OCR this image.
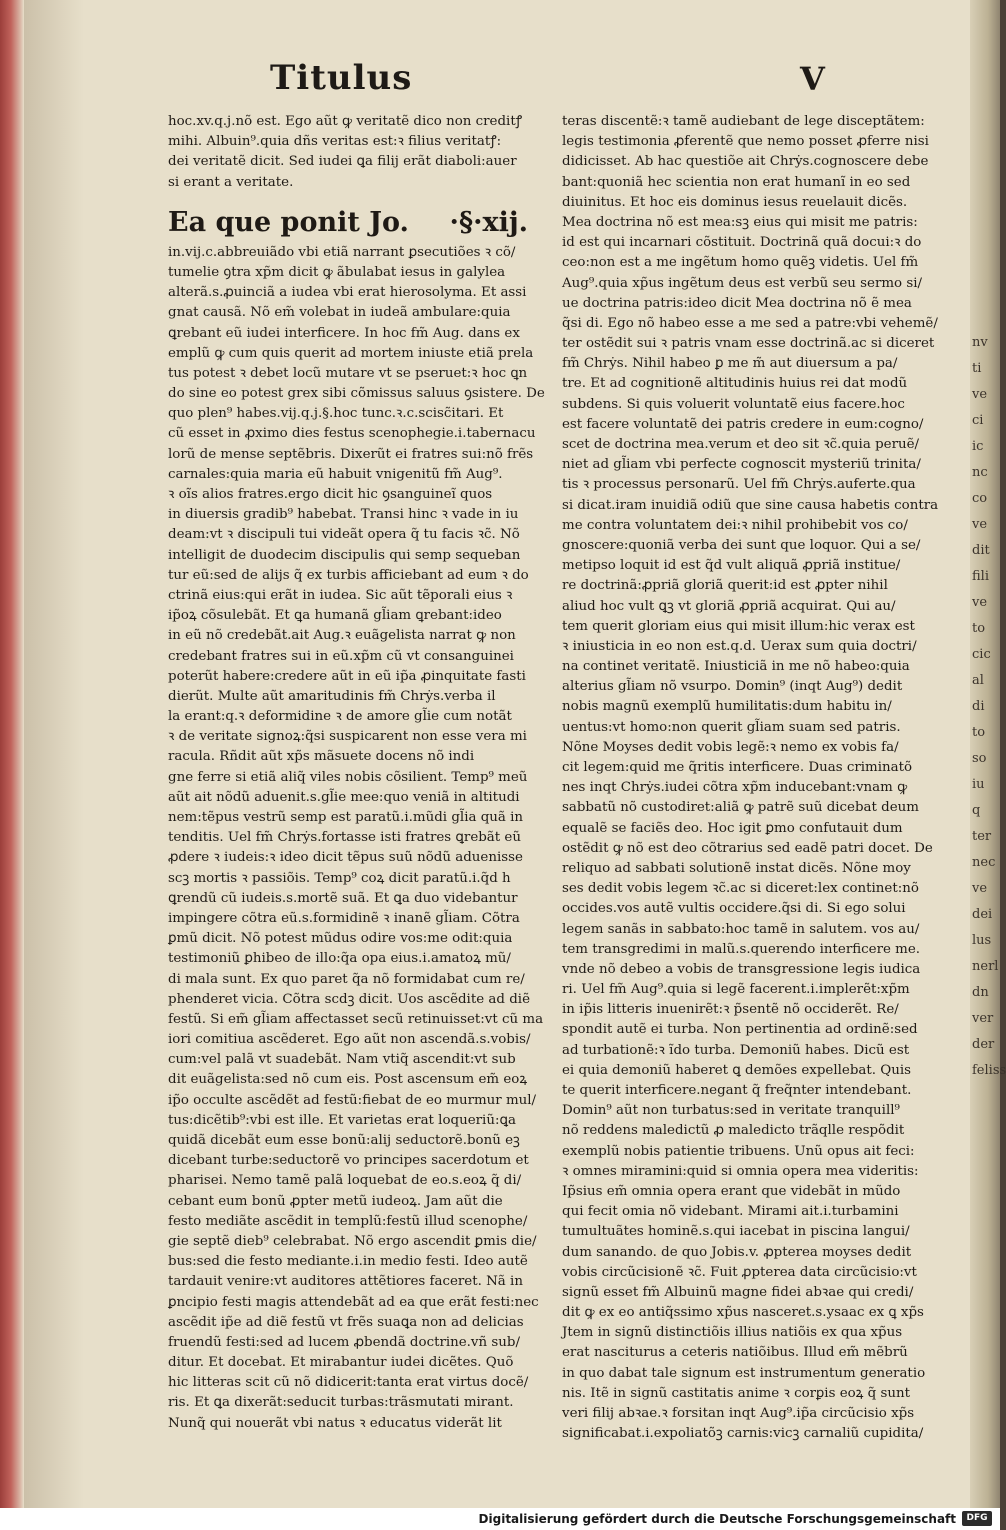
Titulus	V
hoc.xv.q.j.nõ est. Ego aũt ꝙ veritatẽ dico non creditꝭ
mihi. Albuin⁹.quia dñs veritas est:ꝛ filius veritatꝭ:
dei veritatẽ dicit. Sed iudei ꝗa filij erãt diaboli:auer
si erant a veritate.
Ea que ponit Jo. ·§·xij.
in.vij.c.abbreuiãdo vbi etiã narrant ꝑsecutiões ꝛ cõ/
tumelie ꝯtra xp̃m dicit ꝙ ãbulabat iesus in galylea
alterã.s.ꝓuinciã a iudea vbi erat hierosolyma. Et assi
gnat causã. Nõ em̃ volebat in iudeã ambulare:quia
ꝗrebant eũ iudei interficere. In hoc fm̃ Aug. dans ex
emplũ ꝙ cum quis querit ad mortem iniuste etiã prela
tus potest ꝛ debet locũ mutare vt se pseruet:ꝛ hoc ꝗn
do sine eo potest grex sibi cõmissus saluus ꝯsistere. De
quo plen⁹ habes.vij.q.j.§.hoc tunc.ꝛ.c.scisc̃itari. Et
cũ esset in ꝓximo dies festus scenophegie.i.tabernacu
lorũ de mense septẽbris. Dixerũt ei fratres sui:nõ frẽs
carnales:quia maria eũ habuit vnigenitũ fm̃ Aug⁹.
ꝛ oĩs alios fratres.ergo dicit hic ꝯsanguineĩ quos
in diuersis gradib⁹ habebat. Transi hinc ꝛ vade in iu
deam:vt ꝛ discipuli tui videãt opera q̃ tu facis ꝛc̃. Nõ
intelligit de duodecim discipulis qui semp sequeban
tur eũ:sed de alijs q̃ ex turbis afficiebant ad eum ꝛ do
ctrinã eius:qui erãt in iudea. Sic aũt tẽporali eius ꝛ
ip̃oꝝ cõsulebãt. Et ꝗa humanã gl̃iam ꝗrebant:ideo
in eũ nõ credebãt.ait Aug.ꝛ euãgelista narrat ꝙ non
credebant fratres sui in eũ.xp̃m cũ vt consanguinei
poterũt habere:credere aũt in eũ ip̃a ꝓinquitate fasti
dierũt. Multe aũt amaritudinis fm̃ Chrẏs.verba il
la erant:q.ꝛ deformidine ꝛ de amore gl̃ie cum notãt
ꝛ de veritate signoꝝ:q̃si suspicarent non esse vera mi
racula. Rñdit aũt xp̃s mãsuete docens nõ indi
gne ferre si etiã aliq̃ viles nobis cõsilient. Temp⁹ meũ
aũt ait nõdũ aduenit.s.gl̃ie mee:quo veniã in altitudi
nem:tẽpus vestrũ semp est paratũ.i.mũdi gl̃ia quã in
tenditis. Uel fm̃ Chrẏs.fortasse isti fratres ꝗrebãt eũ
ꝓdere ꝛ iudeis:ꝛ ideo dicit tẽpus suũ nõdũ aduenisse
scꝫ mortis ꝛ passiõis. Temp⁹ coꝝ dicit paratũ.i.q̃d h
ꝗrendũ cũ iudeis.s.mortẽ suã. Et ꝗa duo videbantur
impingere cõtra eũ.s.formidinẽ ꝛ inanẽ gl̃iam. Cõtra
ꝑmũ dicit. Nõ potest mũdus odire vos:me odit:quia
testimoniũ ꝑhibeo de illo:q̃a opa eius.i.amatoꝝ mũ/
di mala sunt. Ex quo paret q̃a nõ formidabat cum re/
phenderet vicia. Cõtra scdꝫ dicit. Uos ascẽdite ad diẽ
festũ. Si em̃ gl̃iam affectasset secũ retinuisset:vt cũ ma
iori comitiua ascẽderet. Ego aũt non ascendã.s.vobis/
cum:vel palã vt suadebãt. Nam vtiq̃ ascendit:vt sub
dit euãgelista:sed nõ cum eis. Post ascensum em̃ eoꝝ
ip̃o occulte ascẽdẽt ad festũ:fiebat de eo murmur mul/
tus:dicẽtib⁹:vbi est ille. Et varietas erat loqueriũ:ꝗa
quidã dicebãt eum esse bonũ:alij seductorẽ.bonũ eꝫ
dicebant turbe:seductorẽ vo principes sacerdotum et
pharisei. Nemo tamẽ palã loquebat de eo.s.eoꝝ q̃ di/
cebant eum bonũ ꝓpter metũ iudeoꝝ. Jam aũt die
festo mediãte ascẽdit in templũ:festũ illud scenophe/
gie septẽ dieb⁹ celebrabat. Nõ ergo ascendit ꝑmis die/
bus:sed die festo mediante.i.in medio festi. Ideo autẽ
tardauit venire:vt auditores attẽtiores faceret. Nã in
ꝑncipio festi magis attendebãt ad ea que erãt festi:nec
ascẽdit ip̃e ad diẽ festũ vt frẽs suaꝗa non ad delicias
fruendũ festi:sed ad lucem ꝓbendã doctrine.vñ sub/
ditur. Et docebat. Et mirabantur iudei dicẽtes. Quõ
hic litteras scit cũ nõ didicerit:tanta erat virtus docẽ/
ris. Et ꝗa dixerãt:seducit turbas:trãsmutati mirant.
Nunq̃ qui nouerãt vbi natus ꝛ educatus viderãt lit
teras discentẽ:ꝛ tamẽ audiebant de lege disceptãtem:
legis testimonia ꝓferentẽ que nemo posset ꝓferre nisi
didicisset. Ab hac questiõe ait Chrẏs.cognoscere debe
bant:quoniã hec scientia non erat humanĩ in eo sed
diuinitus. Et hoc eis dominus iesus reuelauit dicẽs.
Mea doctrina nõ est mea:sꝫ eius qui misit me patris:
id est qui incarnari cõstituit. Doctrinã quã docui:ꝛ do
ceo:non est a me ingẽtum homo quẽꝫ videtis. Uel fm̃
Aug⁹.quia xp̃us ingẽtum deus est verbũ seu sermo si/
ue doctrina patris:ideo dicit Mea doctrina nõ ẽ mea
q̃si di. Ego nõ habeo esse a me sed a patre:vbi vehemẽ/
ter ostẽdit sui ꝛ patris vnam esse doctrinã.ac si diceret
fm̃ Chrẏs. Nihil habeo ꝑ me m̃ aut diuersum a pa/
tre. Et ad cognitionẽ altitudinis huius rei dat modũ
subdens. Si quis voluerit voluntatẽ eius facere.hoc
est facere voluntatẽ dei patris credere in eum:cogno/
scet de doctrina mea.verum et deo sit ꝛc̃.quia peruẽ/
niet ad gl̃iam vbi perfecte cognoscit mysteriũ trinita/
tis ꝛ processus personarũ. Uel fm̃ Chrẏs.auferte.qua
si dicat.iram inuidiã odiũ que sine causa habetis contra
me contra voluntatem dei:ꝛ nihil prohibebit vos co/
gnoscere:quoniã verba dei sunt que loquor. Qui a se/
metipso loquit id est q̃d vult aliquã ꝓpriã institue/
re doctrinã:ꝓpriã gloriã querit:id est ꝓpter nihil
aliud hoc vult ꝗꝫ vt gloriã ꝓpriã acquirat. Qui au/
tem querit gloriam eius qui misit illum:hic verax est
ꝛ iniusticia in eo non est.q.d. Uerax sum quia doctri/
na continet veritatẽ. Iniusticiã in me nõ habeo:quia
alterius gl̃iam nõ vsurpo. Domin⁹ (inqt Aug⁹) dedit
nobis magnũ exemplũ humilitatis:dum habitu in/
uentus:vt homo:non querit gl̃iam suam sed patris.
Nõne Moyses dedit vobis legẽ:ꝛ nemo ex vobis fa/
cit legem:quid me q̃ritis interficere. Duas criminatõ
nes inqt Chrẏs.iudei cõtra xp̃m inducebant:vnam ꝙ
sabbatũ nõ custodiret:aliã ꝙ patrẽ suũ dicebat deum
equalẽ se faciẽs deo. Hoc igit ꝑmo confutauit dum
ostẽdit ꝙ nõ est deo cõtrarius sed eadẽ patri docet. De
reliquo ad sabbati solutionẽ instat dicẽs. Nõne moy
ses dedit vobis legem ꝛc̃.ac si diceret:lex continet:nõ
occides.vos autẽ vultis occidere.q̃si di. Si ego solui
legem sanãs in sabbato:hoc tamẽ in salutem. vos au/
tem transgredimi in malũ.s.querendo interficere me.
vnde nõ debeo a vobis de transgressione legis iudica
ri. Uel fm̃ Aug⁹.quia si legẽ facerent.i.implerẽt:xp̃m
in ip̃is litteris inuenirẽt:ꝛ p̃sentẽ nõ occiderẽt. Re/
spondit autẽ ei turba. Non pertinentia ad ordinẽ:sed
ad turbationẽ:ꝛ ĩdo turba. Demoniũ habes. Dicũ est
ei quia demoniũ haberet ꝗ demões expellebat. Quis
te querit interficere.negant q̃ freq̃nter intendebant.
Domin⁹ aũt non turbatus:sed in veritate tranquill⁹
nõ reddens maledictũ ꝓ maledicto trãqlle respõdit
exemplũ nobis patientie tribuens. Unũ opus ait feci:
ꝛ omnes miramini:quid si omnia opera mea videritis:
Ip̃sius em̃ omnia opera erant que videbãt in mũdo
qui fecit omia nõ videbant. Mirami ait.i.turbamini
tumultuãtes hominẽ.s.qui iacebat in piscina langui/
dum sanando. de quo Jobis.v. ꝓpterea moyses dedit
vobis circũcisionẽ ꝛc̃. Fuit ꝓpterea data circũcisio:vt
signũ esset fm̃ Albuinũ magne fidei abꝛae qui credi/
dit ꝙ ex eo antiq̃ssimo xp̃us nasceret.s.ysaac ex ꝗ xp̃s
Jtem in signũ distinctiõis illius natiõis ex qua xp̃us
erat nasciturus a ceteris natiõibus. Illud em̃ mẽbrũ
in quo dabat tale signum est instrumentum generatio
nis. Itẽ in signũ castitatis anime ꝛ corꝑis eoꝝ q̃ sunt
veri filij abꝛae.ꝛ forsitan inqt Aug⁹.ip̃a circũcisio xp̃s
significabat.i.expoliatõꝫ carnis:vicꝫ carnaliũ cupidita/
nv
ti
ve
ci
ic
nc
co
ve
dit
fili
ve
to
cic
al
di
to
so
iu
q
ter
nec
ve
dei
lus
nerl
dn
ver
der
feliss
Digitalisierung gefördert durch die Deutsche Forschungsgemeinschaft	DFG
